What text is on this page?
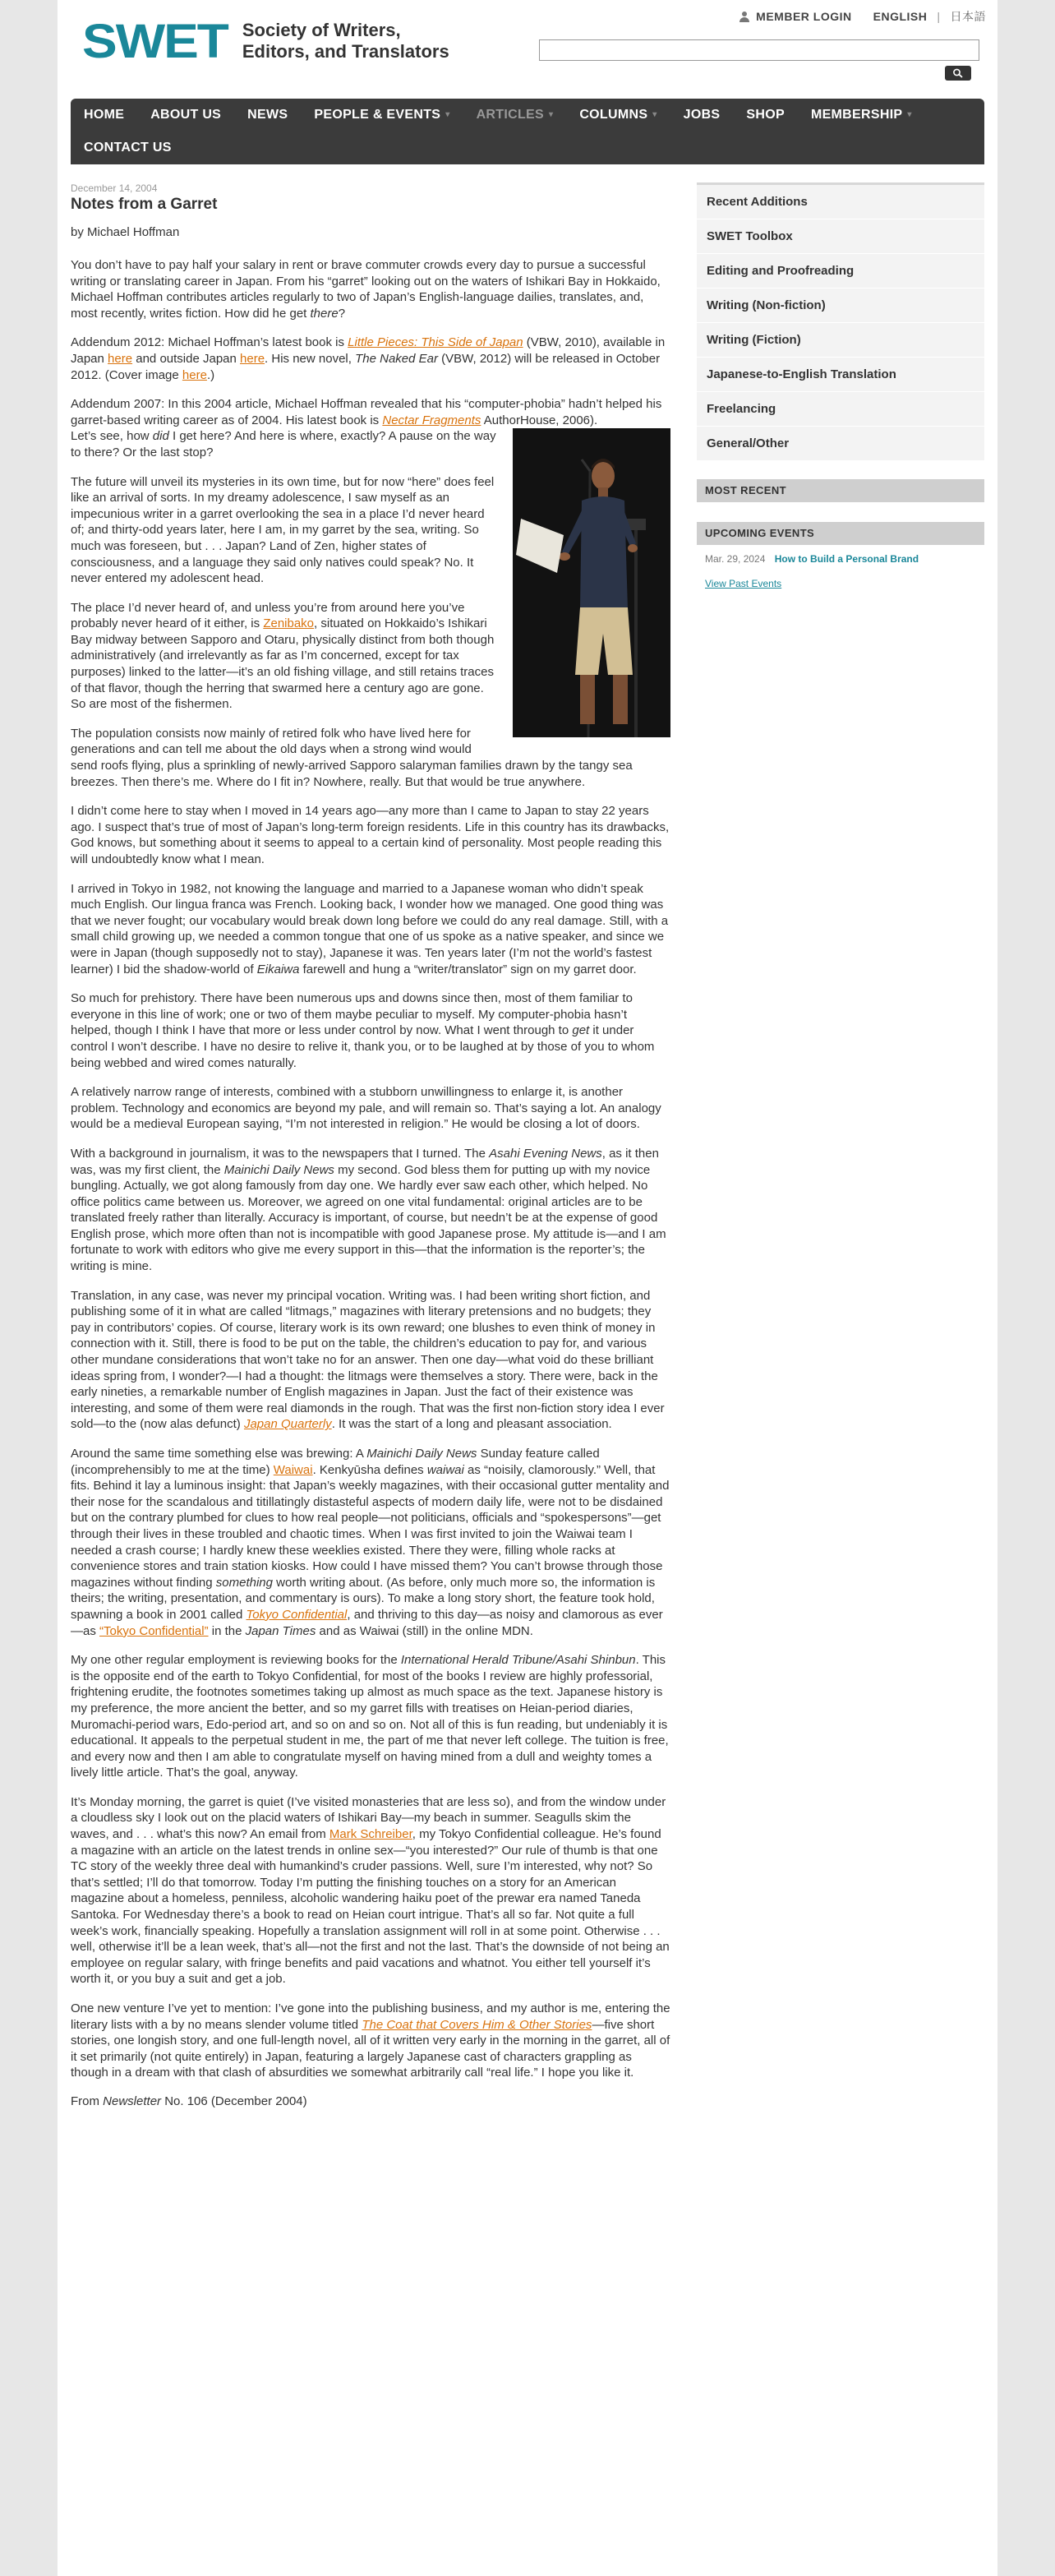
SWET Society of Writers,
Editors, and Translators
MEMBER LOGIN ENGLISH | 日本語
HOME	ABOUT US	NEWS	PEOPLE & EVENTS ▾	ARTICLES ▾	COLUMNS ▾	JOBS	SHOP	MEMBERSHIP ▾
CONTACT US
December 14, 2004
Notes from a Garret
by Michael Hoffman

You don’t have to pay half your salary in rent or brave commuter crowds every day to pursue a successful writing or translating career in Japan. From his “garret” looking out on the waters of Ishikari Bay in Hokkaido, Michael Hoffman contributes articles regularly to two of Japan’s English-language dailies, translates, and, most recently, writes fiction. How did he get there?

Addendum 2012: Michael Hoffman’s latest book is Little Pieces: This Side of Japan (VBW, 2010), available in Japan here and outside Japan here. His new novel, The Naked Ear (VBW, 2012) will be released in October 2012. (Cover image here.)

Addendum 2007: In this 2004 article, Michael Hoffman revealed that his “computer-phobia” hadn’t helped his garret-based writing career as of 2004. His latest book is Nectar Fragments AuthorHouse, 2006).

Let’s see, how did I get here? And here is where, exactly? A pause on the way to there? Or the last stop?

The future will unveil its mysteries in its own time, but for now “here” does feel like an arrival of sorts. In my dreamy adolescence, I saw myself as an impecunious writer in a garret overlooking the sea in a place I’d never heard of; and thirty-odd years later, here I am, in my garret by the sea, writing. So much was foreseen, but . . . Japan? Land of Zen, higher states of consciousness, and a language they said only natives could speak? No. It never entered my adolescent head.

The place I’d never heard of, and unless you’re from around here you’ve probably never heard of it either, is Zenibako, situated on Hokkaido’s Ishikari Bay midway between Sapporo and Otaru, physically distinct from both though administratively (and irrelevantly as far as I’m concerned, except for tax purposes) linked to the latter—it’s an old fishing village, and still retains traces of that flavor, though the herring that swarmed here a century ago are gone. So are most of the fishermen.

The population consists now mainly of retired folk who have lived here for generations and can tell me about the old days when a strong wind would send roofs flying, plus a sprinkling of newly-arrived Sapporo salaryman families drawn by the tangy sea breezes. Then there’s me. Where do I fit in? Nowhere, really. But that would be true anywhere.

I didn’t come here to stay when I moved in 14 years ago—any more than I came to Japan to stay 22 years ago. I suspect that’s true of most of Japan’s long-term foreign residents. Life in this country has its drawbacks, God knows, but something about it seems to appeal to a certain kind of personality. Most people reading this will undoubtedly know what I mean.

I arrived in Tokyo in 1982, not knowing the language and married to a Japanese woman who didn’t speak much English. Our lingua franca was French. Looking back, I wonder how we managed. One good thing was that we never fought; our vocabulary would break down long before we could do any real damage. Still, with a small child growing up, we needed a common tongue that one of us spoke as a native speaker, and since we were in Japan (though supposedly not to stay), Japanese it was. Ten years later (I’m not the world’s fastest learner) I bid the shadow-world of Eikaiwa farewell and hung a “writer/translator” sign on my garret door.

So much for prehistory. There have been numerous ups and downs since then, most of them familiar to everyone in this line of work; one or two of them maybe peculiar to myself. My computer-phobia hasn’t helped, though I think I have that more or less under control by now. What I went through to get it under control I won’t describe. I have no desire to relive it, thank you, or to be laughed at by those of you to whom being webbed and wired comes naturally.

A relatively narrow range of interests, combined with a stubborn unwillingness to enlarge it, is another problem. Technology and economics are beyond my pale, and will remain so. That’s saying a lot. An analogy would be a medieval European saying, “I’m not interested in religion.” He would be closing a lot of doors.

With a background in journalism, it was to the newspapers that I turned. The Asahi Evening News, as it then was, was my first client, the Mainichi Daily News my second. God bless them for putting up with my novice bungling. Actually, we got along famously from day one. We hardly ever saw each other, which helped. No office politics came between us. Moreover, we agreed on one vital fundamental: original articles are to be translated freely rather than literally. Accuracy is important, of course, but needn’t be at the expense of good English prose, which more often than not is incompatible with good Japanese prose. My attitude is—and I am fortunate to work with editors who give me every support in this—that the information is the reporter’s; the writing is mine.

Translation, in any case, was never my principal vocation. Writing was. I had been writing short fiction, and publishing some of it in what are called “litmags,” magazines with literary pretensions and no budgets; they pay in contributors’ copies. Of course, literary work is its own reward; one blushes to even think of money in connection with it. Still, there is food to be put on the table, the children’s education to pay for, and various other mundane considerations that won’t take no for an answer. Then one day—what void do these brilliant ideas spring from, I wonder?—I had a thought: the litmags were themselves a story. There were, back in the early nineties, a remarkable number of English magazines in Japan. Just the fact of their existence was interesting, and some of them were real diamonds in the rough. That was the first non-fiction story idea I ever sold—to the (now alas defunct) Japan Quarterly. It was the start of a long and pleasant association.

Around the same time something else was brewing: A Mainichi Daily News Sunday feature called (incomprehensibly to me at the time) Waiwai. Kenkyūsha defines waiwai as “noisily, clamorously.” Well, that fits. Behind it lay a luminous insight: that Japan’s weekly magazines, with their occasional gutter mentality and their nose for the scandalous and titillatingly distasteful aspects of modern daily life, were not to be disdained but on the contrary plumbed for clues to how real people—not politicians, officials and “spokespersons”—get through their lives in these troubled and chaotic times. When I was first invited to join the Waiwai team I needed a crash course; I hardly knew these weeklies existed. There they were, filling whole racks at convenience stores and train station kiosks. How could I have missed them? You can’t browse through those magazines without finding something worth writing about. (As before, only much more so, the information is theirs; the writing, presentation, and commentary is ours). To make a long story short, the feature took hold, spawning a book in 2001 called Tokyo Confidential, and thriving to this day—as noisy and clamorous as ever—as “Tokyo Confidential” in the Japan Times and as Waiwai (still) in the online MDN.

My one other regular employment is reviewing books for the International Herald Tribune/Asahi Shinbun. This is the opposite end of the earth to Tokyo Confidential, for most of the books I review are highly professorial, frightening erudite, the footnotes sometimes taking up almost as much space as the text. Japanese history is my preference, the more ancient the better, and so my garret fills with treatises on Heian-period diaries, Muromachi-period wars, Edo-period art, and so on and so on. Not all of this is fun reading, but undeniably it is educational. It appeals to the perpetual student in me, the part of me that never left college. The tuition is free, and every now and then I am able to congratulate myself on having mined from a dull and weighty tomes a lively little article. That’s the goal, anyway.

It’s Monday morning, the garret is quiet (I’ve visited monasteries that are less so), and from the window under a cloudless sky I look out on the placid waters of Ishikari Bay—my beach in summer. Seagulls skim the waves, and . . . what’s this now? An email from Mark Schreiber, my Tokyo Confidential colleague. He’s found a magazine with an article on the latest trends in online sex—“you interested?” Our rule of thumb is that one TC story of the weekly three deal with humankind’s cruder passions. Well, sure I’m interested, why not? So that’s settled; I’ll do that tomorrow. Today I’m putting the finishing touches on a story for an American magazine about a homeless, penniless, alcoholic wandering haiku poet of the prewar era named Taneda Santoka. For Wednesday there’s a book to read on Heian court intrigue. That’s all so far. Not quite a full week’s work, financially speaking. Hopefully a translation assignment will roll in at some point. Otherwise . . . well, otherwise it’ll be a lean week, that’s all—not the first and not the last. That’s the downside of not being an employee on regular salary, with fringe benefits and paid vacations and whatnot. You either tell yourself it’s worth it, or you buy a suit and get a job.

One new venture I’ve yet to mention: I’ve gone into the publishing business, and my author is me, entering the literary lists with a by no means slender volume titled The Coat that Covers Him & Other Stories—five short stories, one longish story, and one full-length novel, all of it written very early in the morning in the garret, all of it set primarily (not quite entirely) in Japan, featuring a largely Japanese cast of characters grappling as though in a dream with that clash of absurdities we somewhat arbitrarily call “real life.” I hope you like it.

From Newsletter No. 106 (December 2004)
Recent Additions
SWET Toolbox
Editing and Proofreading
Writing (Non-fiction)
Writing (Fiction)
Japanese-to-English Translation
Freelancing
General/Other
MOST RECENT
UPCOMING EVENTS
Mar. 29, 2024 How to Build a Personal Brand
View Past Events
